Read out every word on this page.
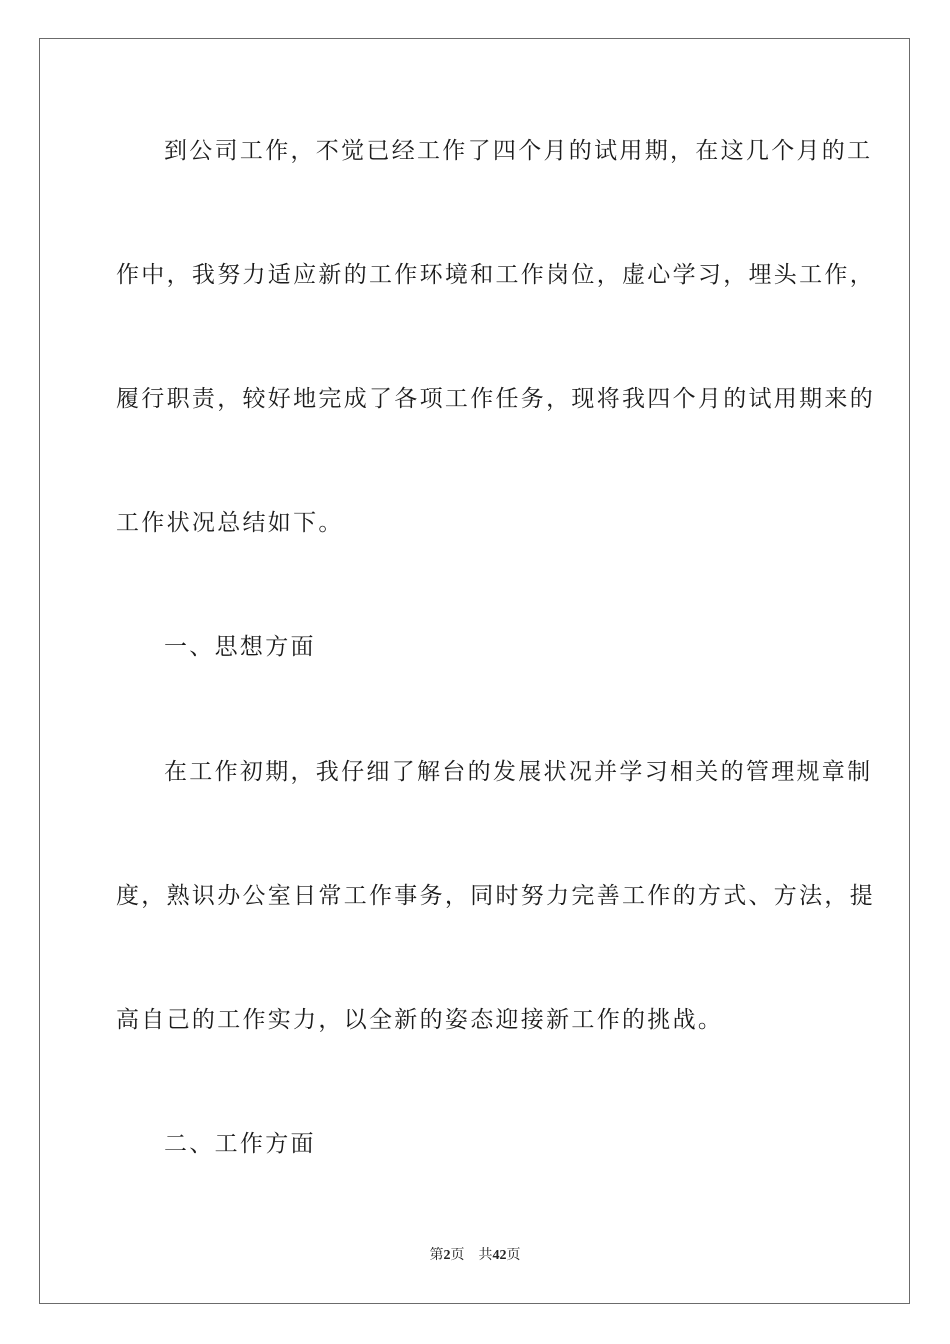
到公司工作，不觉已经工作了四个月的试用期，在这几个月的工
作中，我努力适应新的工作环境和工作岗位，虚心学习，埋头工作，
履行职责，较好地完成了各项工作任务，现将我四个月的试用期来的
工作状况总结如下。
一、思想方面
在工作初期，我仔细了解台的发展状况并学习相关的管理规章制
度，熟识办公室日常工作事务，同时努力完善工作的方式、方法，提
高自己的工作实力，以全新的姿态迎接新工作的挑战。
二、工作方面
第2页 共42页
